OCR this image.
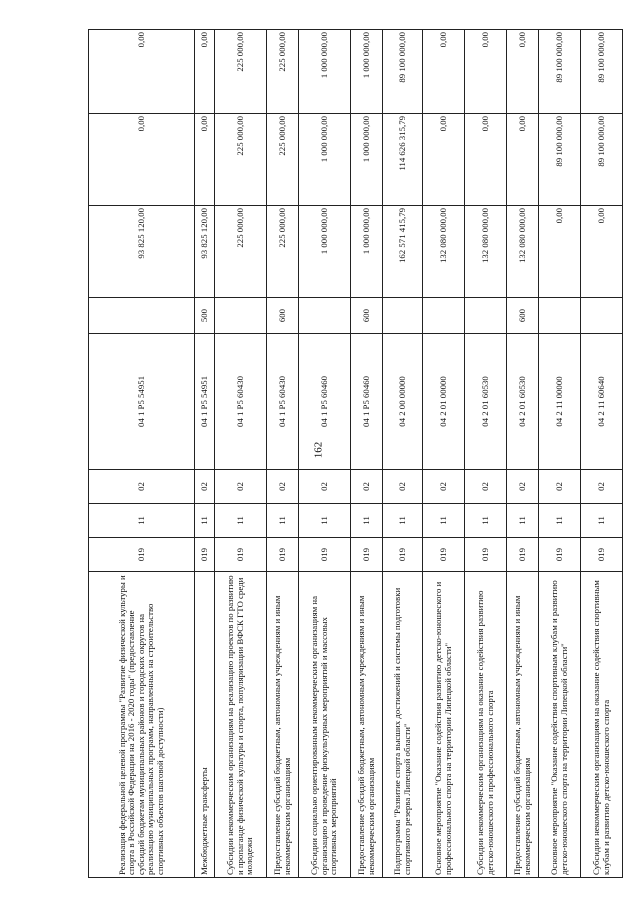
162
Реализация федеральной целевой программы "Развитие физической культуры и спорта в Российской Федерации на 2016 - 2020 годы" (предоставление субсидий бюджетам муниципальных районов и городских округов на реализацию муниципальных программ, направленных на строительство спортивных объектов шаговой доступности)	019	11	02	04 1 P5 54951		93 825 120,00	0,00	0,00
Межбюджетные трансферты	019	11	02	04 1 P5 54951	500	93 825 120,00	0,00	0,00
Субсидии некоммерческим организациям на реализацию проектов по развитию и пропаганде физической культуры и спорта, популяризации ВФСК ГТО среди молодежи	019	11	02	04 1 P5 60430		225 000,00	225 000,00	225 000,00
Предоставление субсидий бюджетным, автономным учреждениям и иным некоммерческим организациям	019	11	02	04 1 P5 60430	600	225 000,00	225 000,00	225 000,00
Субсидии социально ориентированным некоммерческим организациям на организацию и проведение физкультурных мероприятий и массовых спортивных мероприятий	019	11	02	04 1 P5 60460		1 000 000,00	1 000 000,00	1 000 000,00
Предоставление субсидий бюджетным, автономным учреждениям и иным некоммерческим организациям	019	11	02	04 1 P5 60460	600	1 000 000,00	1 000 000,00	1 000 000,00
Подпрограмма "Развитие спорта высших достижений и системы подготовки спортивного резерва Липецкой области"	019	11	02	04 2 00 00000		162 571 415,79	114 626 315,79	89 100 000,00
Основное мероприятие "Оказание содействия развитию детско-юношеского и профессионального спорта на территории Липецкой области"	019	11	02	04 2 01 00000		132 080 000,00	0,00	0,00
Субсидии некоммерческим организациям на оказание содействия развитию детско-юношеского и профессионального спорта	019	11	02	04 2 01 60530		132 080 000,00	0,00	0,00
Предоставление субсидий бюджетным, автономным учреждениям и иным некоммерческим организациям	019	11	02	04 2 01 60530	600	132 080 000,00	0,00	0,00
Основное мероприятие "Оказание содействия спортивным клубам и развитию детско-юношеского спорта на территории Липецкой области"	019	11	02	04 2 11 00000		0,00	89 100 000,00	89 100 000,00
Субсидии некоммерческим организациям на оказание содействия спортивным клубам и развитию детско-юношеского спорта	019	11	02	04 2 11 60640		0,00	89 100 000,00	89 100 000,00
